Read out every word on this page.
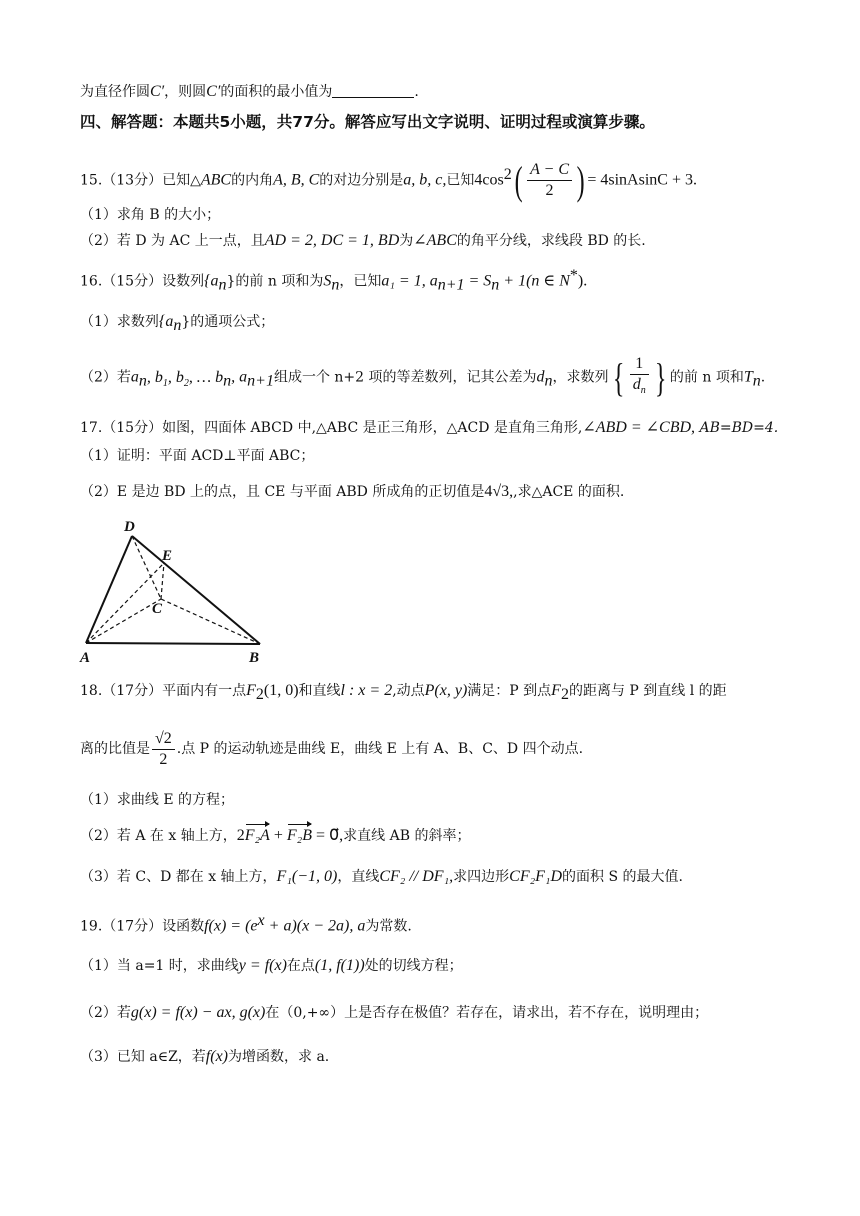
为直径作圆C′，则圆C′的面积的最小值为	.
四、解答题：本题共5小题，共77分。解答应写出文字说明、证明过程或演算步骤。
15.（13分）已知△ABC的内角A, B, C的对边分别是a, b, c,已知$4\cos^2( \frac{A - C}{2}$ ) = 4sinAsinC + 3.
（1）求角 B 的大小；
（2）若 D 为 AC 上一点，且AD = 2, DC = 1, BD为∠ABC的角平分线，求线段 BD 的长.
16.（15分）设数列$\{a_n\}$的前 n 项和为$S_n$，已知a₁ = 1, $a_{n+1} = S_n + 1(n$ ∈ N*).
（1）求数列$\{a_n\}$的通项公式；
（2）若$a_n$, $b_1$, $b_2$, … $b_n$, $a_{n+1}$组成一个 n+2 项的等差数列，记其公差为$d_n$，求数列{ $\frac{1}{d_n}$ } 的前 n 项和$T_n$.
17.（15分）如图，四面体 ABCD 中,△ABC 是正三角形，△ACD 是直角三角形,∠ABD = ∠CBD, AB=BD=4.
（1）证明：平面 ACD⊥平面 ABC；
（2）E 是边 BD 上的点，且 CE 与平面 ABD 所成角的正切值是4√3,,求△ACE 的面积.
D
E
C
A	B
18.（17分）平面内有一点$F_2(1$, 0)和直线l : x = 2,动点P(x, y)满足：P 到点$F_2$的距离与 P 到直线 l 的距
离的比值是 $\frac{√2}{2}$ .点 P 的运动轨迹是曲线 E，曲线 E 上有 A、B、C、D 四个动点.
（1）求曲线 E 的方程；
（2）若 A 在 x 轴上方，2F₂A + F₂B = 0⃗,求直线 AB 的斜率；
（3）若 C、D 都在 x 轴上方，F₁(−1, 0)，直线CF₂ // DF₁,求四边形CF₂F₁D的面积 S 的最大值.
19.（17分）设函数$f(x) = (e^x + a)(x - 2a)$, a为常数.
（1）当 a=1 时，求曲线y = f(x)在点(1, f(1))处的切线方程；
（2）若g(x) = f(x) − ax, g(x)在（0,+∞）上是否存在极值？若存在，请求出，若不存在，说明理由；
（3）已知 a∈Z，若f(x)为增函数，求 a.
